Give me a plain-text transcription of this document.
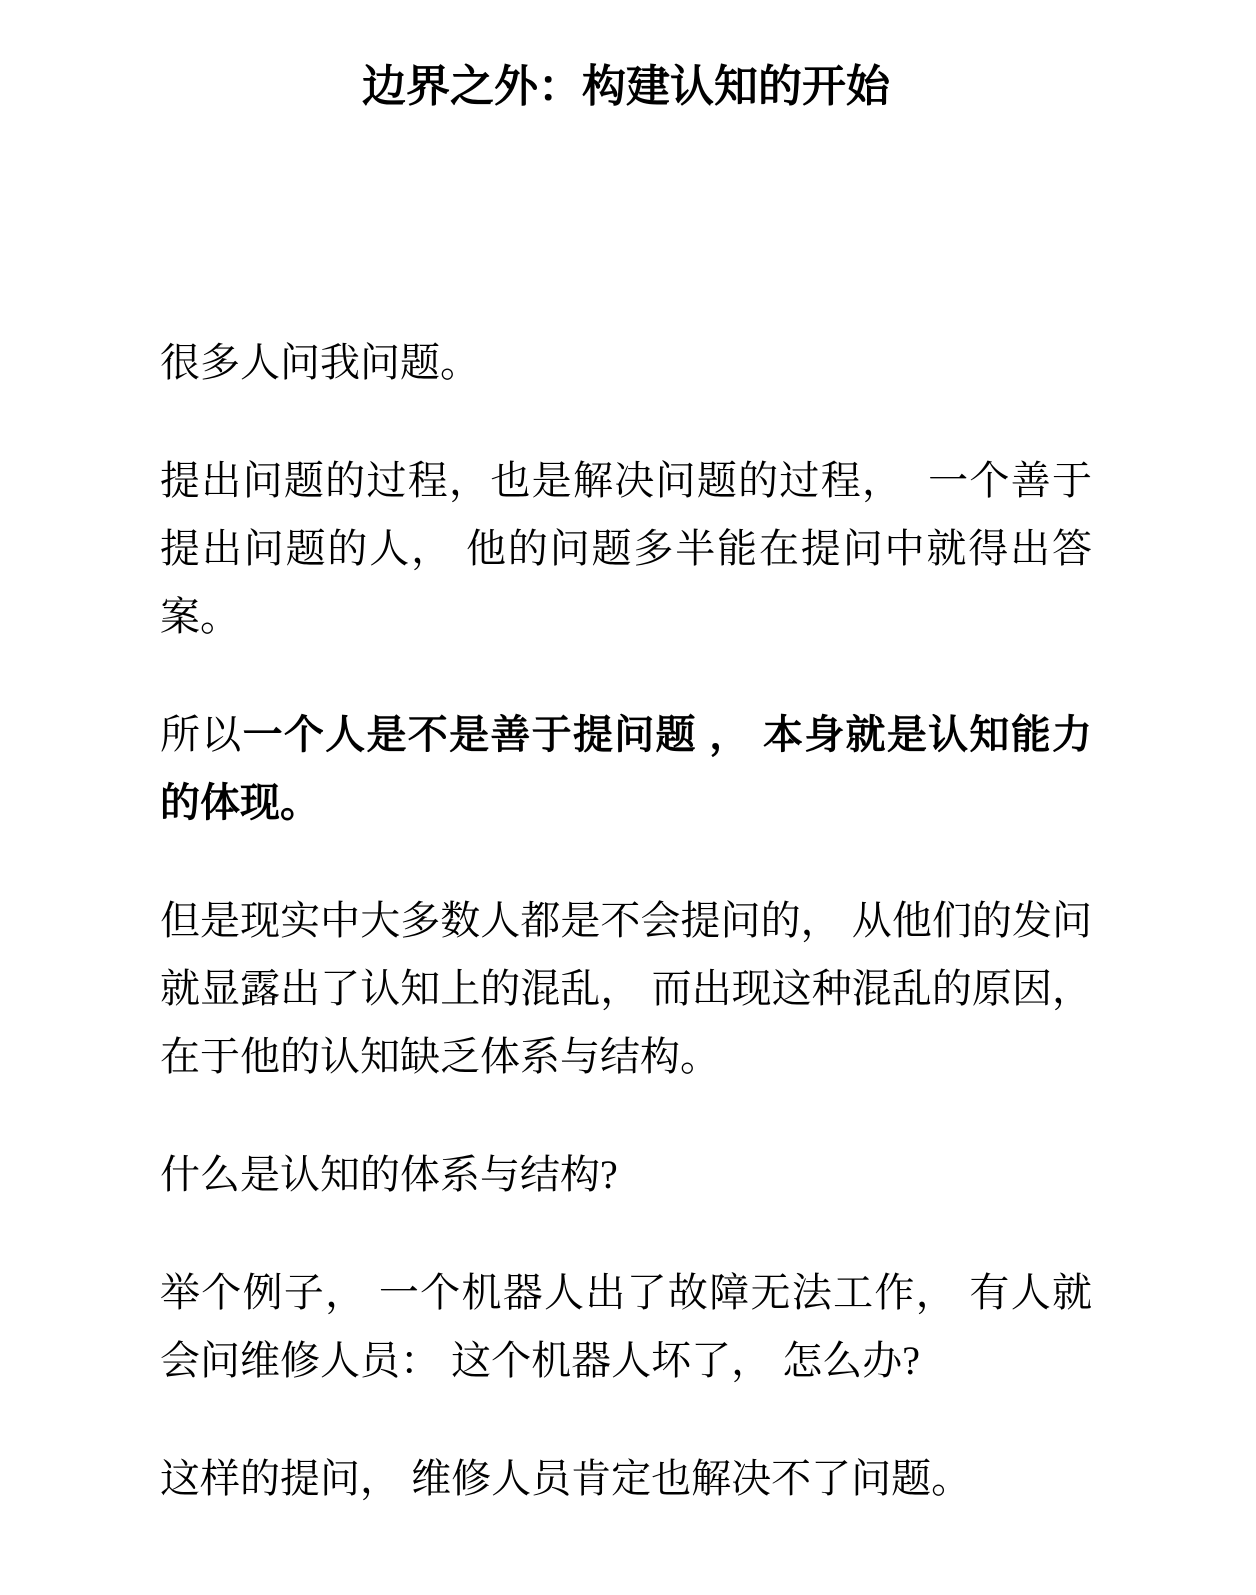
边界之外：构建认知的开始

很多人问我问题。

提出问题的过程，也是解决问题的过程，  一个善于提出问题的人， 他的问题多半能在提问中就得出答案。

所以一个人是不是善于提问题 ， 本身就是认知能力的体现。

但是现实中大多数人都是不会提问的， 从他们的发问就显露出了认知上的混乱， 而出现这种混乱的原因， 在于他的认知缺乏体系与结构。

什么是认知的体系与结构?

举个例子， 一个机器人出了故障无法工作， 有人就会问维修人员： 这个机器人坏了， 怎么办?

这样的提问， 维修人员肯定也解决不了问题。
